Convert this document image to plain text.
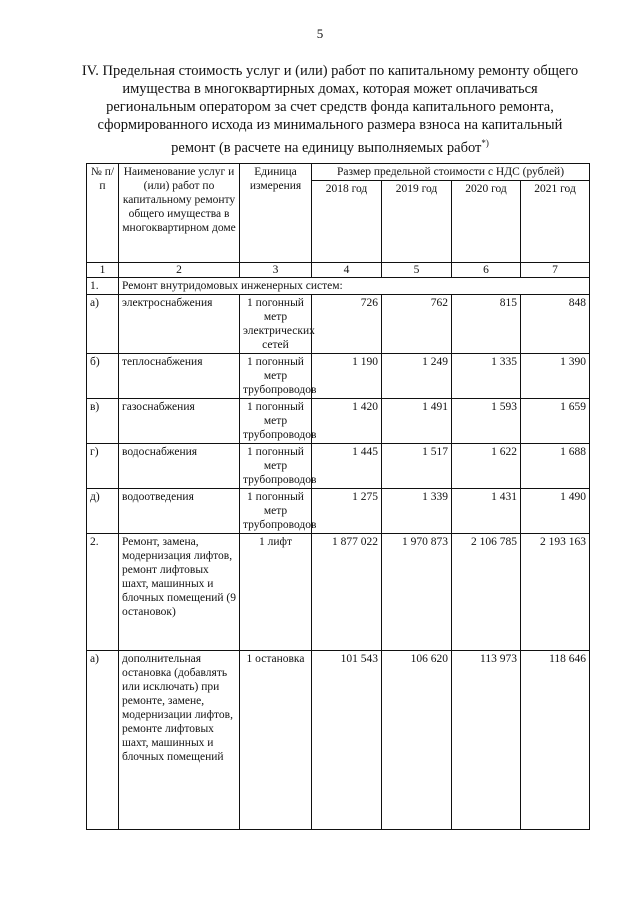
5
IV. Предельная стоимость услуг и (или) работ по капитальному ремонту общего имущества в многоквартирных домах, которая может оплачиваться региональным оператором за счет средств фонда капитального ремонта, сформированного исхода из минимального размера взноса на капитальный ремонт (в расчете на единицу выполняемых работ*)
№ п/п	Наименование услуг и (или) работ по капитальному ремонту общего имущества в многоквартирном доме	Единица измерения	Размер предельной стоимости с НДС (рублей)			
			2018 год	2019 год	2020 год	2021 год
1	2	3	4	5	6	7
1.	Ремонт внутридомовых инженерных систем:					
а)	электроснабжения	1 погонный метр электрических сетей	726	762	815	848
б)	теплоснабжения	1 погонный метр трубопроводов	1 190	1 249	1 335	1 390
в)	газоснабжения	1 погонный метр трубопроводов	1 420	1 491	1 593	1 659
г)	водоснабжения	1 погонный метр трубопроводов	1 445	1 517	1 622	1 688
д)	водоотведения	1 погонный метр трубопроводов	1 275	1 339	1 431	1 490
2.	Ремонт, замена, модернизация лифтов, ремонт лифтовых шахт, машинных и блочных помещений (9 остановок)	1 лифт	1 877 022	1 970 873	2 106 785	2 193 163
а)	дополнительная остановка (добавлять или исключать) при ремонте, замене, модернизации лифтов, ремонте лифтовых шахт, машинных и блочных помещений	1 остановка	101 543	106 620	113 973	118 646
